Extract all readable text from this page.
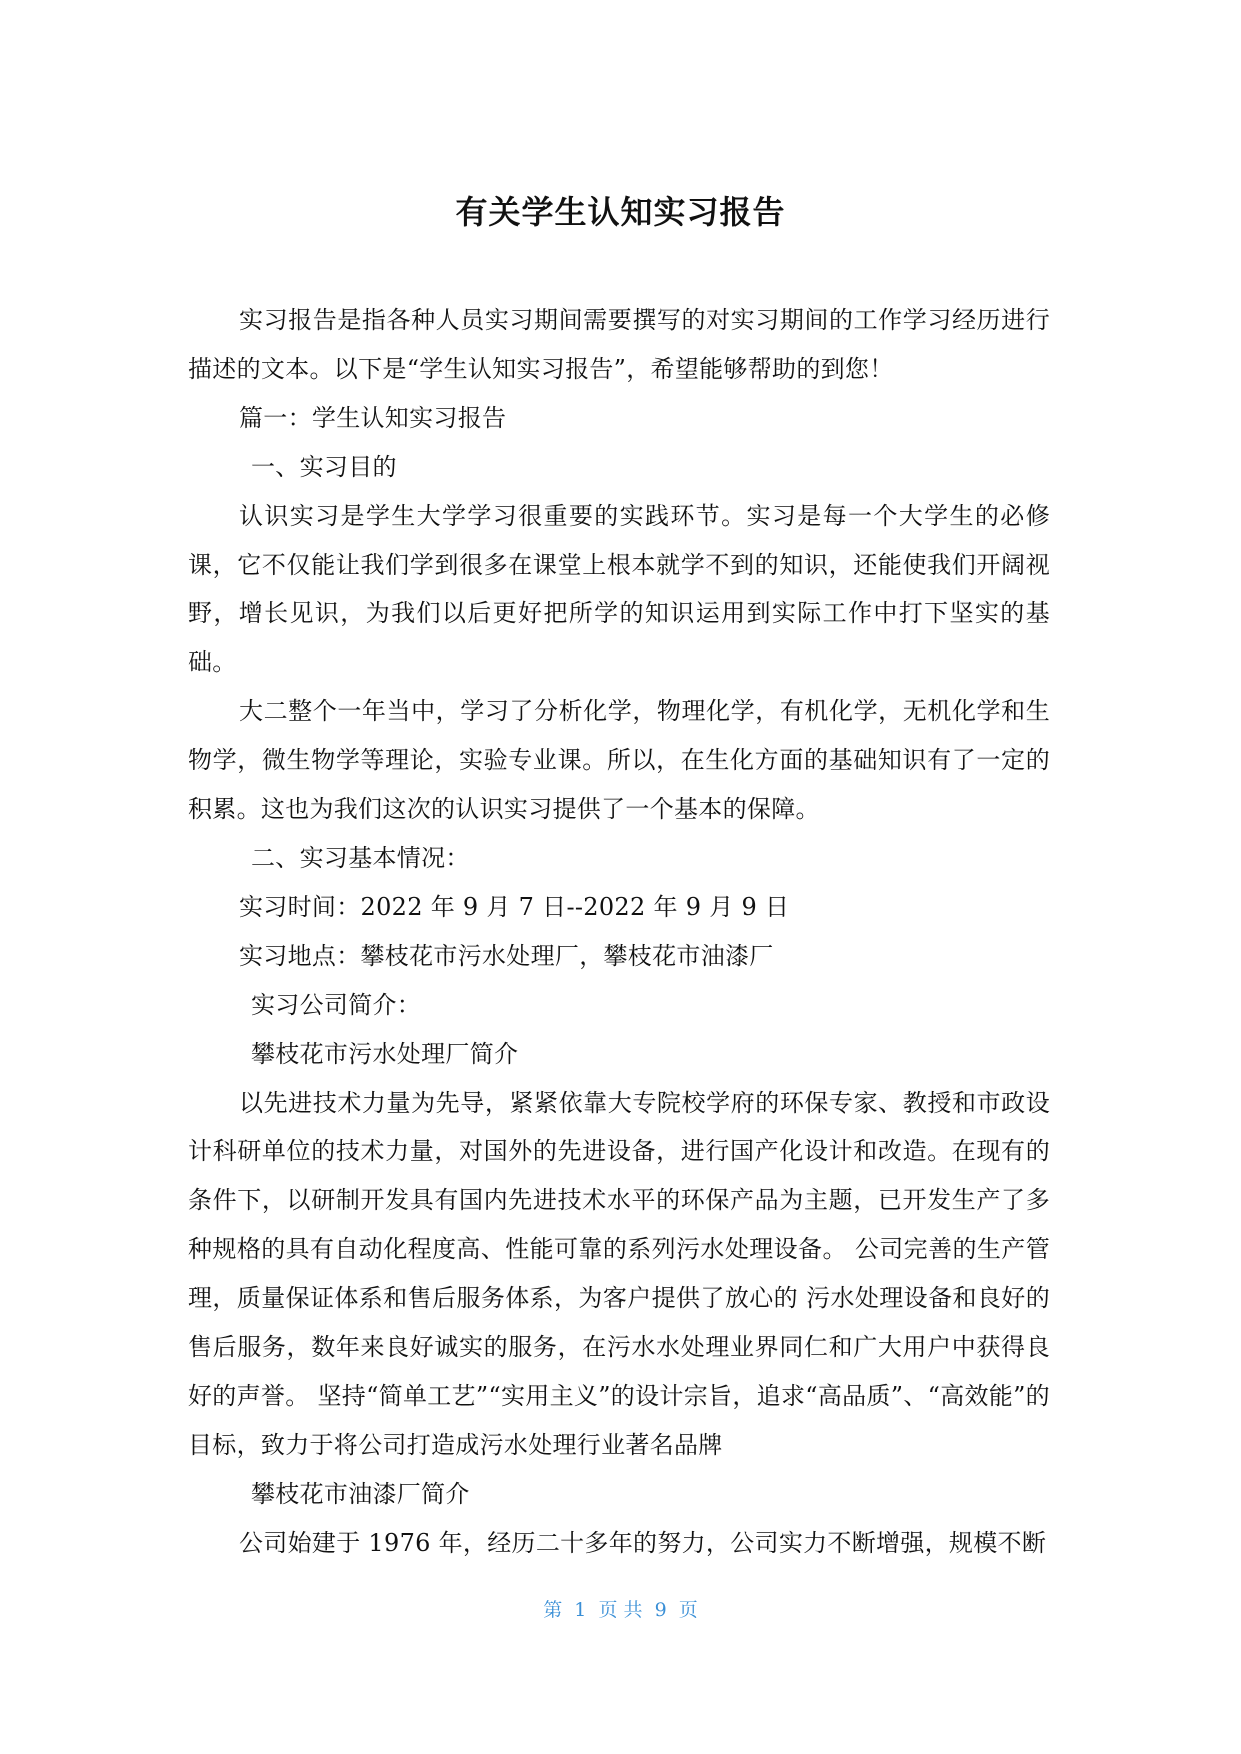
有关学生认知实习报告

实习报告是指各种人员实习期间需要撰写的对实习期间的工作学习经历进行描述的文本。以下是“学生认知实习报告”，希望能够帮助的到您！

篇一：学生认知实习报告

一、实习目的

认识实习是学生大学学习很重要的实践环节。实习是每一个大学生的必修课，它不仅能让我们学到很多在课堂上根本就学不到的知识，还能使我们开阔视野，增长见识，为我们以后更好把所学的知识运用到实际工作中打下坚实的基础。

大二整个一年当中，学习了分析化学，物理化学，有机化学，无机化学和生物学，微生物学等理论，实验专业课。所以，在生化方面的基础知识有了一定的积累。这也为我们这次的认识实习提供了一个基本的保障。

二、实习基本情况：

实习时间：2022 年 9 月 7 日--2022 年 9 月 9 日

实习地点：攀枝花市污水处理厂，攀枝花市油漆厂

实习公司简介：

攀枝花市污水处理厂简介

以先进技术力量为先导，紧紧依靠大专院校学府的环保专家、教授和市政设计科研单位的技术力量，对国外的先进设备，进行国产化设计和改造。在现有的条件下，以研制开发具有国内先进技术水平的环保产品为主题，已开发生产了多种规格的具有自动化程度高、性能可靠的系列污水处理设备。 公司完善的生产管理，质量保证体系和售后服务体系，为客户提供了放心的 污水处理设备和良好的售后服务，数年来良好诚实的服务，在污水水处理业界同仁和广大用户中获得良好的声誉。 坚持“简单工艺”“实用主义”的设计宗旨，追求“高品质”、“高效能”的目标，致力于将公司打造成污水处理行业著名品牌

攀枝花市油漆厂简介

公司始建于 1976 年，经历二十多年的努力，公司实力不断增强，规模不断

第  1  页 共  9  页
